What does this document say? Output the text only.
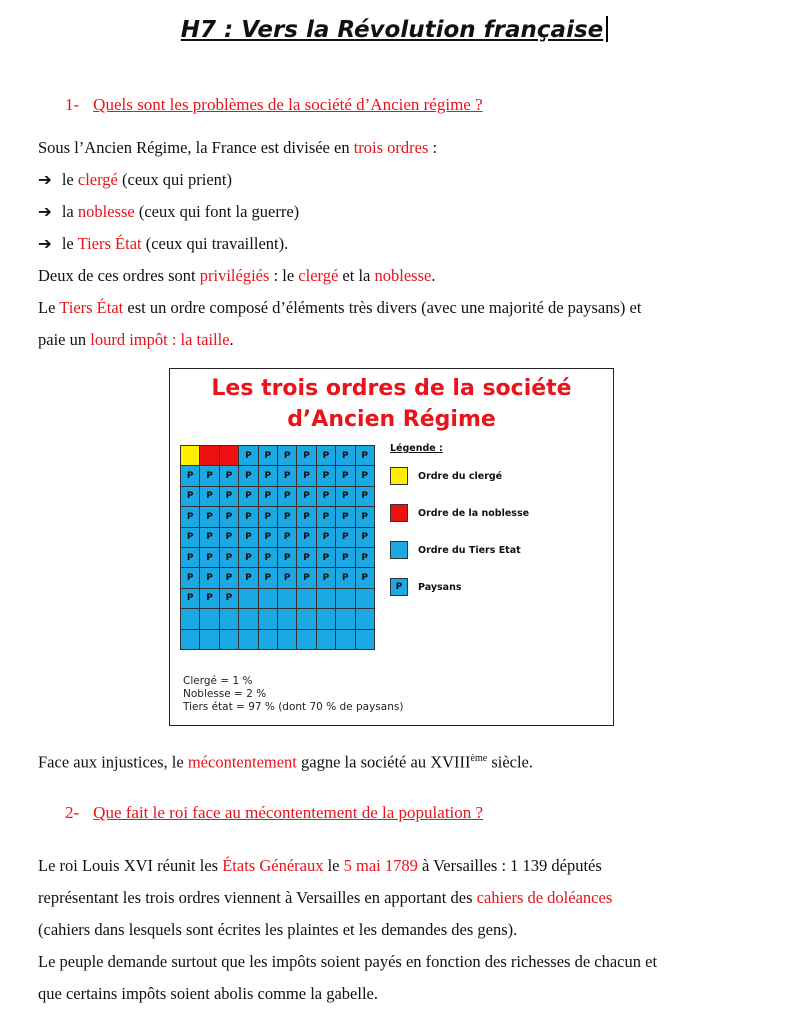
H7 : Vers la Révolution française
1- Quels sont les problèmes de la société d’Ancien régime ?
Sous l’Ancien Régime, la France est divisée en trois ordres :
➔ le clergé (ceux qui prient)
➔ la noblesse (ceux qui font la guerre)
➔ le Tiers État (ceux qui travaillent).
Deux de ces ordres sont privilégiés : le clergé et la noblesse.
Le Tiers État est un ordre composé d’éléments très divers (avec une majorité de paysans) et
paie un lourd impôt : la taille.
Les trois ordres de la société
d’Ancien Régime
P	P	P	P	P	P	P
P	P	P	P	P	P	P	P	P	P
P	P	P	P	P	P	P	P	P	P
P	P	P	P	P	P	P	P	P	P
P	P	P	P	P	P	P	P	P	P
P	P	P	P	P	P	P	P	P	P
P	P	P	P	P	P	P	P	P	P
P	P	P
Légende :
Ordre du clergé
Ordre de la noblesse
Ordre du Tiers Etat
P	Paysans
Clergé = 1 %
Noblesse = 2 %
Tiers état = 97 % (dont 70 % de paysans)
Face aux injustices, le mécontentement gagne la société au XVIIIème siècle.
2- Que fait le roi face au mécontentement de la population ?
Le roi Louis XVI réunit les États Généraux le 5 mai 1789 à Versailles : 1 139 députés
représentant les trois ordres viennent à Versailles en apportant des cahiers de doléances
(cahiers dans lesquels sont écrites les plaintes et les demandes des gens).
Le peuple demande surtout que les impôts soient payés en fonction des richesses de chacun et
que certains impôts soient abolis comme la gabelle.
